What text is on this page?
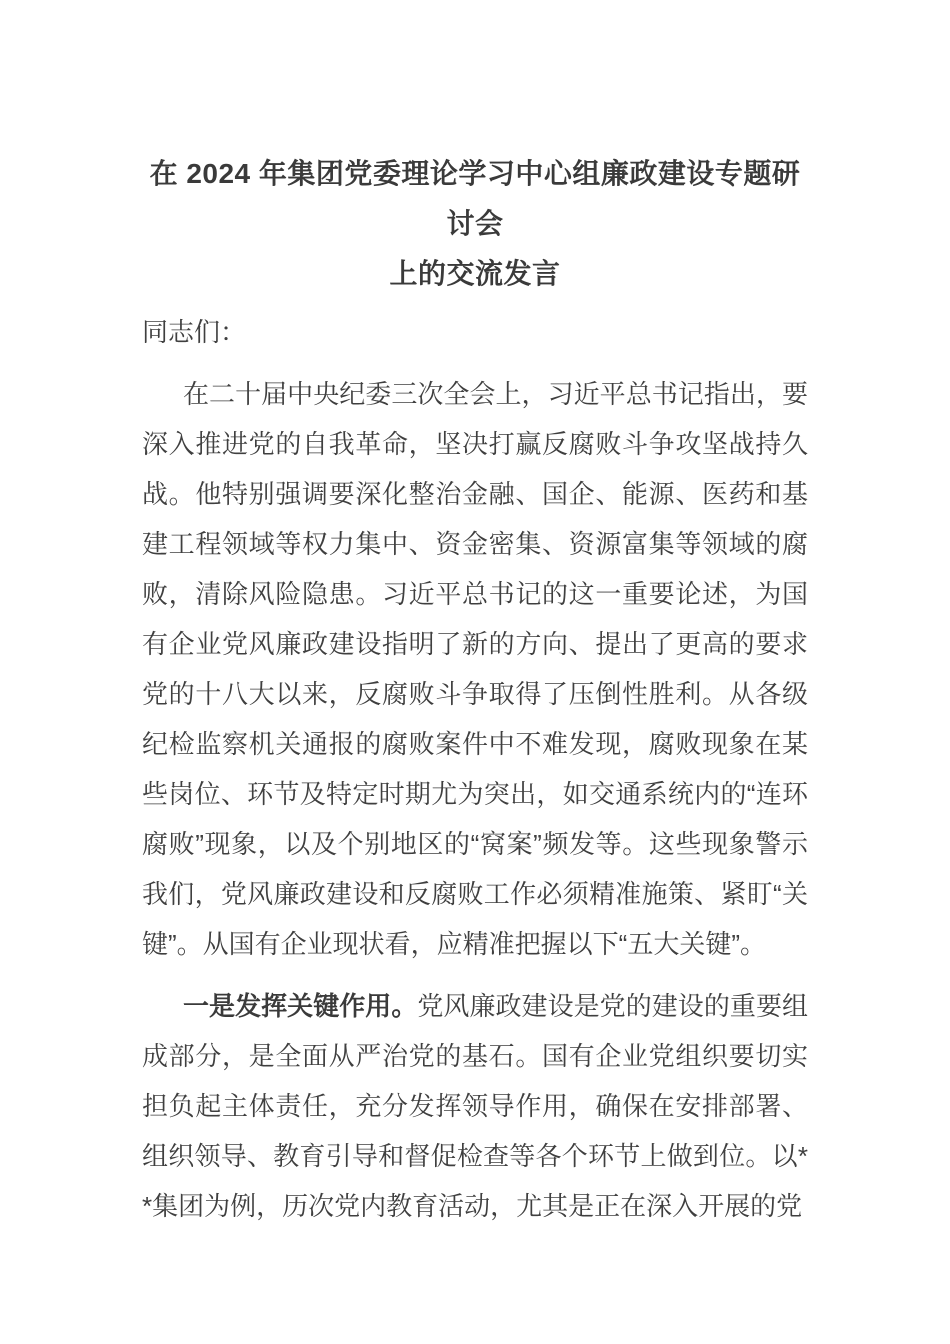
在 2024 年集团党委理论学习中心组廉政建设专题研讨会
上的交流发言

同志们：

在二十届中央纪委三次全会上，习近平总书记指出，要深入推进党的自我革命，坚决打赢反腐败斗争攻坚战持久战。他特别强调要深化整治金融、国企、能源、医药和基建工程领域等权力集中、资金密集、资源富集等领域的腐败，清除风险隐患。习近平总书记的这一重要论述，为国有企业党风廉政建设指明了新的方向、提出了更高的要求党的十八大以来，反腐败斗争取得了压倒性胜利。从各级纪检监察机关通报的腐败案件中不难发现，腐败现象在某些岗位、环节及特定时期尤为突出，如交通系统内的“连环腐败”现象，以及个别地区的“窝案”频发等。这些现象警示我们，党风廉政建设和反腐败工作必须精准施策、紧盯“关键”。从国有企业现状看，应精准把握以下“五大关键”。

一是发挥关键作用。党风廉政建设是党的建设的重要组成部分，是全面从严治党的基石。国有企业党组织要切实担负起主体责任，充分发挥领导作用，确保在安排部署、组织领导、教育引导和督促检查等各个环节上做到位。以**集团为例，历次党内教育活动，尤其是正在深入开展的党
